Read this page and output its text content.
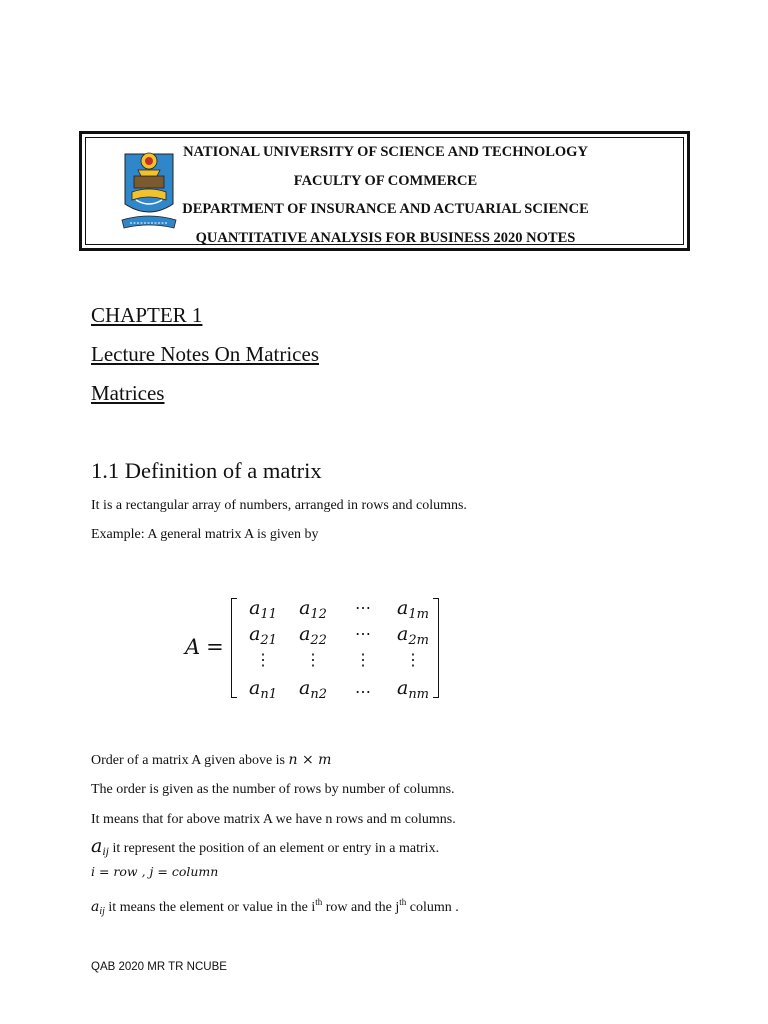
NATIONAL UNIVERSITY OF SCIENCE AND TECHNOLOGY
FACULTY OF COMMERCE
DEPARTMENT OF INSURANCE AND ACTUARIAL SCIENCE
QUANTITATIVE ANALYSIS FOR BUSINESS 2020 NOTES
CHAPTER 1
Lecture Notes On Matrices
Matrices
1.1 Definition of a matrix
It is a rectangular array of numbers, arranged in rows and columns.
Example: A general matrix A is given by
A =
$a_{11}$	$a_{12}$	⋯	$a_{1m}$
$a_{21}$	$a_{22}$	⋯	$a_{2m}$
⋮	⋮	⋮	⋮
$a_{n1}$	$a_{n2}$	…	$a_{nm}$
Order of a matrix A given above is n × m
The order is given as the number of rows by number of columns.
It means that for above matrix A we have n rows and m columns.
aij it represent the position of an element or entry in a matrix.
i = row , j = column
$a_{ij}$ it means the element or value in the $i^{th}$ row and the $j^{th}$ column .
QAB 2020 MR TR NCUBE
